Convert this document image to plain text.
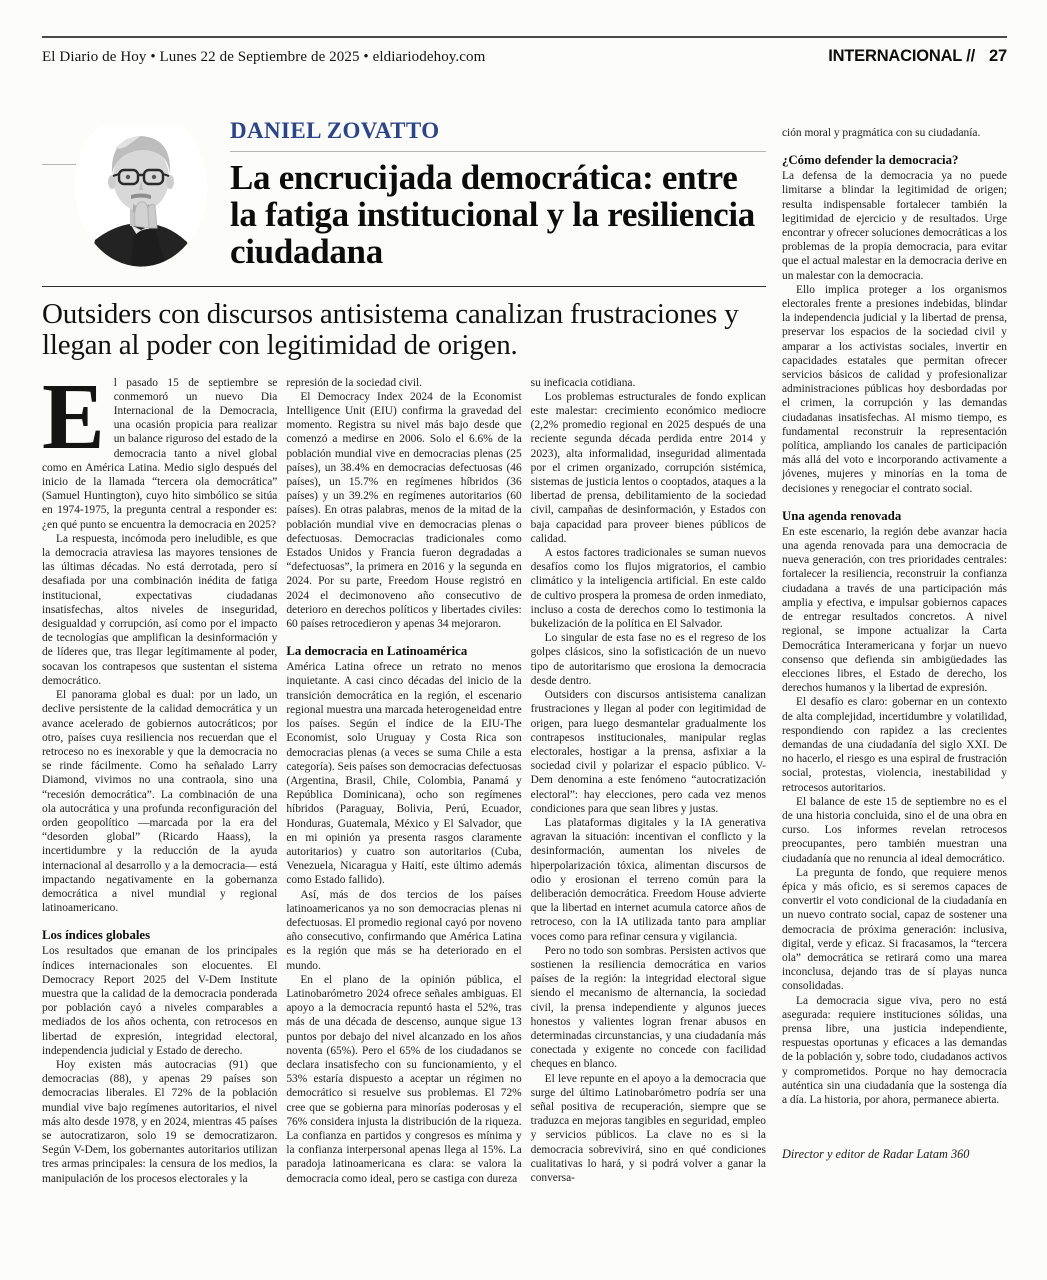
El Diario de Hoy • Lunes 22 de Septiembre de 2025 • eldiariodehoy.com	INTERNACIONAL // 27
DANIEL ZOVATTO
La encrucijada democrática: entre la fatiga institucional y la resiliencia ciudadana
Outsiders con discursos antisistema canalizan frustraciones y llegan al poder con legitimidad de origen.

El pasado 15 de septiembre se conmemoró un nuevo Dia Internacional de la Democracia, una ocasión propicia para realizar un balance riguroso del estado de la democracia tanto a nivel global como en América Latina. Medio siglo después del inicio de la llamada “tercera ola democrática” (Samuel Huntington), cuyo hito simbólico se sitúa en 1974-1975, la pregunta central a responder es: ¿en qué punto se encuentra la democracia en 2025?

La respuesta, incómoda pero ineludible, es que la democracia atraviesa las mayores tensiones de las últimas décadas. No está derrotada, pero sí desafiada por una combinación inédita de fatiga institucional, expectativas ciudadanas insatisfechas, altos niveles de inseguridad, desigualdad y corrupción, así como por el impacto de tecnologías que amplifican la desinformación y de líderes que, tras llegar legítimamente al poder, socavan los contrapesos que sustentan el sistema democrático.

El panorama global es dual: por un lado, un declive persistente de la calidad democrática y un avance acelerado de gobiernos autocráticos; por otro, países cuya resiliencia nos recuerdan que el retroceso no es inexorable y que la democracia no se rinde fácilmente. Como ha señalado Larry Diamond, vivimos no una contraola, sino una “recesión democrática”. La combinación de una ola autocrática y una profunda reconfiguración del orden geopolítico —marcada por la era del “desorden global” (Ricardo Haass), la incertidumbre y la reducción de la ayuda internacional al desarrollo y a la democracia— está impactando negativamente en la gobernanza democrática a nivel mundial y regional latinoamericano.

Los índices globales

Los resultados que emanan de los principales índices internacionales son elocuentes. El Democracy Report 2025 del V-Dem Institute muestra que la calidad de la democracia ponderada por población cayó a niveles comparables a mediados de los años ochenta, con retrocesos en libertad de expresión, integridad electoral, independencia judicial y Estado de derecho.

Hoy existen más autocracias (91) que democracias (88), y apenas 29 países son democracias liberales. El 72% de la población mundial vive bajo regímenes autoritarios, el nivel más alto desde 1978, y en 2024, mientras 45 países se autocratizaron, solo 19 se democratizaron. Según V-Dem, los gobernantes autoritarios utilizan tres armas principales: la censura de los medios, la manipulación de los procesos electorales y la

represión de la sociedad civil.

El Democracy Index 2024 de la Economist Intelligence Unit (EIU) confirma la gravedad del momento. Registra su nivel más bajo desde que comenzó a medirse en 2006. Solo el 6.6% de la población mundial vive en democracias plenas (25 países), un 38.4% en democracias defectuosas (46 países), un 15.7% en regímenes híbridos (36 países) y un 39.2% en regímenes autoritarios (60 países). En otras palabras, menos de la mitad de la población mundial vive en democracias plenas o defectuosas. Democracias tradicionales como Estados Unidos y Francia fueron degradadas a “defectuosas”, la primera en 2016 y la segunda en 2024. Por su parte, Freedom House registró en 2024 el decimonoveno año consecutivo de deterioro en derechos políticos y libertades civiles: 60 países retrocedieron y apenas 34 mejoraron.

La democracia en Latinoamérica

América Latina ofrece un retrato no menos inquietante. A casi cinco décadas del inicio de la transición democrática en la región, el escenario regional muestra una marcada heterogeneidad entre los países. Según el índice de la EIU-The Economist, solo Uruguay y Costa Rica son democracias plenas (a veces se suma Chile a esta categoría). Seis países son democracias defectuosas (Argentina, Brasil, Chile, Colombia, Panamá y República Dominicana), ocho son regímenes híbridos (Paraguay, Bolivia, Perú, Ecuador, Honduras, Guatemala, México y El Salvador, que en mi opinión ya presenta rasgos claramente autoritarios) y cuatro son autoritarios (Cuba, Venezuela, Nicaragua y Haití, este último además como Estado fallido).

Así, más de dos tercios de los países latinoamericanos ya no son democracias plenas ni defectuosas. El promedio regional cayó por noveno año consecutivo, confirmando que América Latina es la región que más se ha deteriorado en el mundo.

En el plano de la opinión pública, el Latinobarómetro 2024 ofrece señales ambiguas. El apoyo a la democracia repuntó hasta el 52%, tras más de una década de descenso, aunque sigue 13 puntos por debajo del nivel alcanzado en los años noventa (65%). Pero el 65% de los ciudadanos se declara insatisfecho con su funcionamiento, y el 53% estaría dispuesto a aceptar un régimen no democrático si resuelve sus problemas. El 72% cree que se gobierna para minorías poderosas y el 76% considera injusta la distribución de la riqueza. La confianza en partidos y congresos es mínima y la confianza interpersonal apenas llega al 15%. La paradoja latinoamericana es clara: se valora la democracia como ideal, pero se castiga con dureza

su ineficacia cotidiana.

Los problemas estructurales de fondo explican este malestar: crecimiento económico mediocre (2,2% promedio regional en 2025 después de una reciente segunda década perdida entre 2014 y 2023), alta informalidad, inseguridad alimentada por el crimen organizado, corrupción sistémica, sistemas de justicia lentos o cooptados, ataques a la libertad de prensa, debilitamiento de la sociedad civil, campañas de desinformación, y Estados con baja capacidad para proveer bienes públicos de calidad.

A estos factores tradicionales se suman nuevos desafíos como los flujos migratorios, el cambio climático y la inteligencia artificial. En este caldo de cultivo prospera la promesa de orden inmediato, incluso a costa de derechos como lo testimonia la bukelización de la política en El Salvador.

Lo singular de esta fase no es el regreso de los golpes clásicos, sino la sofisticación de un nuevo tipo de autoritarismo que erosiona la democracia desde dentro.

Outsiders con discursos antisistema canalizan frustraciones y llegan al poder con legitimidad de origen, para luego desmantelar gradualmente los contrapesos institucionales, manipular reglas electorales, hostigar a la prensa, asfixiar a la sociedad civil y polarizar el espacio público. V-Dem denomina a este fenómeno “autocratización electoral”: hay elecciones, pero cada vez menos condiciones para que sean libres y justas.

Las plataformas digitales y la IA generativa agravan la situación: incentivan el conflicto y la desinformación, aumentan los niveles de hiperpolarización tóxica, alimentan discursos de odio y erosionan el terreno común para la deliberación democrática. Freedom House advierte que la libertad en internet acumula catorce años de retroceso, con la IA utilizada tanto para ampliar voces como para refinar censura y vigilancia.

Pero no todo son sombras. Persisten activos que sostienen la resiliencia democrática en varios países de la región: la integridad electoral sigue siendo el mecanismo de alternancia, la sociedad civil, la prensa independiente y algunos jueces honestos y valientes logran frenar abusos en determinadas circunstancias, y una ciudadanía más conectada y exigente no concede con facilidad cheques en blanco.

El leve repunte en el apoyo a la democracia que surge del último Latinobarómetro podría ser una señal positiva de recuperación, siempre que se traduzca en mejoras tangibles en seguridad, empleo y servicios públicos. La clave no es si la democracia sobrevivirá, sino en qué condiciones cualitativas lo hará, y si podrá volver a ganar la conversa-

ción moral y pragmática con su ciudadanía.

¿Cómo defender la democracia?

La defensa de la democracia ya no puede limitarse a blindar la legitimidad de origen; resulta indispensable fortalecer también la legitimidad de ejercicio y de resultados. Urge encontrar y ofrecer soluciones democráticas a los problemas de la propia democracia, para evitar que el actual malestar en la democracia derive en un malestar con la democracia.

Ello implica proteger a los organismos electorales frente a presiones indebidas, blindar la independencia judicial y la libertad de prensa, preservar los espacios de la sociedad civil y amparar a los activistas sociales, invertir en capacidades estatales que permitan ofrecer servicios básicos de calidad y profesionalizar administraciones públicas hoy desbordadas por el crimen, la corrupción y las demandas ciudadanas insatisfechas. Al mismo tiempo, es fundamental reconstruir la representación política, ampliando los canales de participación más allá del voto e incorporando activamente a jóvenes, mujeres y minorías en la toma de decisiones y renegociar el contrato social.

Una agenda renovada

En este escenario, la región debe avanzar hacia una agenda renovada para una democracia de nueva generación, con tres prioridades centrales: fortalecer la resiliencia, reconstruir la confianza ciudadana a través de una participación más amplia y efectiva, e impulsar gobiernos capaces de entregar resultados concretos. A nivel regional, se impone actualizar la Carta Democrática Interamericana y forjar un nuevo consenso que defienda sin ambigüedades las elecciones libres, el Estado de derecho, los derechos humanos y la libertad de expresión.

El desafío es claro: gobernar en un contexto de alta complejidad, incertidumbre y volatilidad, respondiendo con rapidez a las crecientes demandas de una ciudadanía del siglo XXI. De no hacerlo, el riesgo es una espiral de frustración social, protestas, violencia, inestabilidad y retrocesos autoritarios.

El balance de este 15 de septiembre no es el de una historia concluida, sino el de una obra en curso. Los informes revelan retrocesos preocupantes, pero también muestran una ciudadanía que no renuncia al ideal democrático.

La pregunta de fondo, que requiere menos épica y más oficio, es si seremos capaces de convertir el voto condicional de la ciudadanía en un nuevo contrato social, capaz de sostener una democracia de próxima generación: inclusiva, digital, verde y eficaz. Si fracasamos, la “tercera ola” democrática se retirará como una marea inconclusa, dejando tras de sí playas nunca consolidadas.

La democracia sigue viva, pero no está asegurada: requiere instituciones sólidas, una prensa libre, una justicia independiente, respuestas oportunas y eficaces a las demandas de la población y, sobre todo, ciudadanos activos y comprometidos. Porque no hay democracia auténtica sin una ciudadanía que la sostenga día a día. La historia, por ahora, permanece abierta.

Director y editor de Radar Latam 360
